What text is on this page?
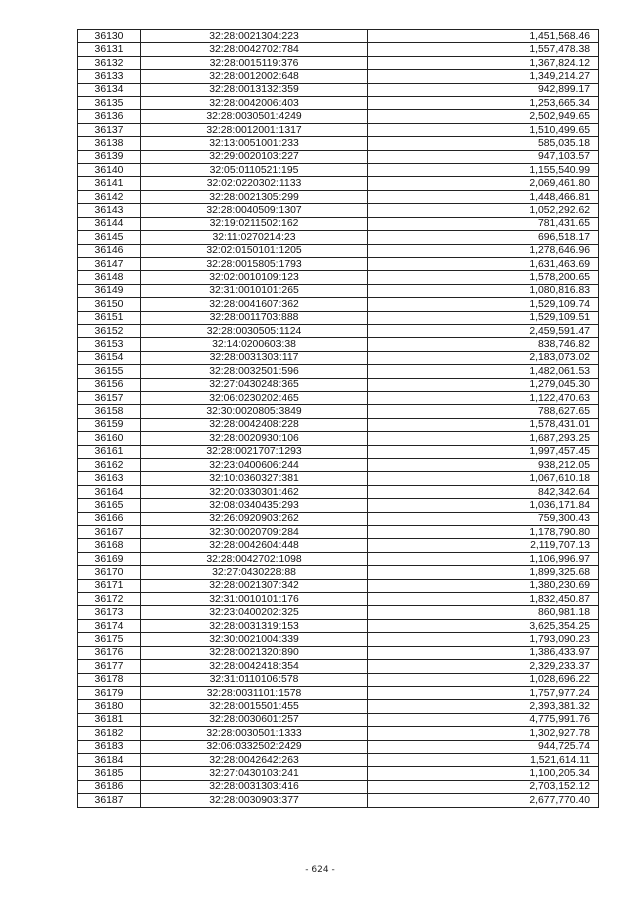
36130	32:28:0021304:223	1,451,568.46
36131	32:28:0042702:784	1,557,478.38
36132	32:28:0015119:376	1,367,824.12
36133	32:28:0012002:648	1,349,214.27
36134	32:28:0013132:359	942,899.17
36135	32:28:0042006:403	1,253,665.34
36136	32:28:0030501:4249	2,502,949.65
36137	32:28:0012001:1317	1,510,499.65
36138	32:13:0051001:233	585,035.18
36139	32:29:0020103:227	947,103.57
36140	32:05:0110521:195	1,155,540.99
36141	32:02:0220302:1133	2,069,461.80
36142	32:28:0021305:299	1,448,466.81
36143	32:28:0040509:1307	1,052,292.62
36144	32:19:0211502:162	781,431.65
36145	32:11:0270214:23	696,518.17
36146	32:02:0150101:1205	1,278,646.96
36147	32:28:0015805:1793	1,631,463.69
36148	32:02:0010109:123	1,578,200.65
36149	32:31:0010101:265	1,080,816.83
36150	32:28:0041607:362	1,529,109.74
36151	32:28:0011703:888	1,529,109.51
36152	32:28:0030505:1124	2,459,591.47
36153	32:14:0200603:38	838,746.82
36154	32:28:0031303:117	2,183,073.02
36155	32:28:0032501:596	1,482,061.53
36156	32:27:0430248:365	1,279,045.30
36157	32:06:0230202:465	1,122,470.63
36158	32:30:0020805:3849	788,627.65
36159	32:28:0042408:228	1,578,431.01
36160	32:28:0020930:106	1,687,293.25
36161	32:28:0021707:1293	1,997,457.45
36162	32:23:0400606:244	938,212.05
36163	32:10:0360327:381	1,067,610.18
36164	32:20:0330301:462	842,342.64
36165	32:08:0340435:293	1,036,171.84
36166	32:26:0920903:262	759,300.43
36167	32:30:0020709:284	1,178,790.80
36168	32:28:0042604:448	2,119,707.13
36169	32:28:0042702:1098	1,106,996.97
36170	32:27:0430228:88	1,899,325.68
36171	32:28:0021307:342	1,380,230.69
36172	32:31:0010101:176	1,832,450.87
36173	32:23:0400202:325	860,981.18
36174	32:28:0031319:153	3,625,354.25
36175	32:30:0021004:339	1,793,090.23
36176	32:28:0021320:890	1,386,433.97
36177	32:28:0042418:354	2,329,233.37
36178	32:31:0110106:578	1,028,696.22
36179	32:28:0031101:1578	1,757,977.24
36180	32:28:0015501:455	2,393,381.32
36181	32:28:0030601:257	4,775,991.76
36182	32:28:0030501:1333	1,302,927.78
36183	32:06:0332502:2429	944,725.74
36184	32:28:0042642:263	1,521,614.11
36185	32:27:0430103:241	1,100,205.34
36186	32:28:0031303:416	2,703,152.12
36187	32:28:0030903:377	2,677,770.40
- 624 -
